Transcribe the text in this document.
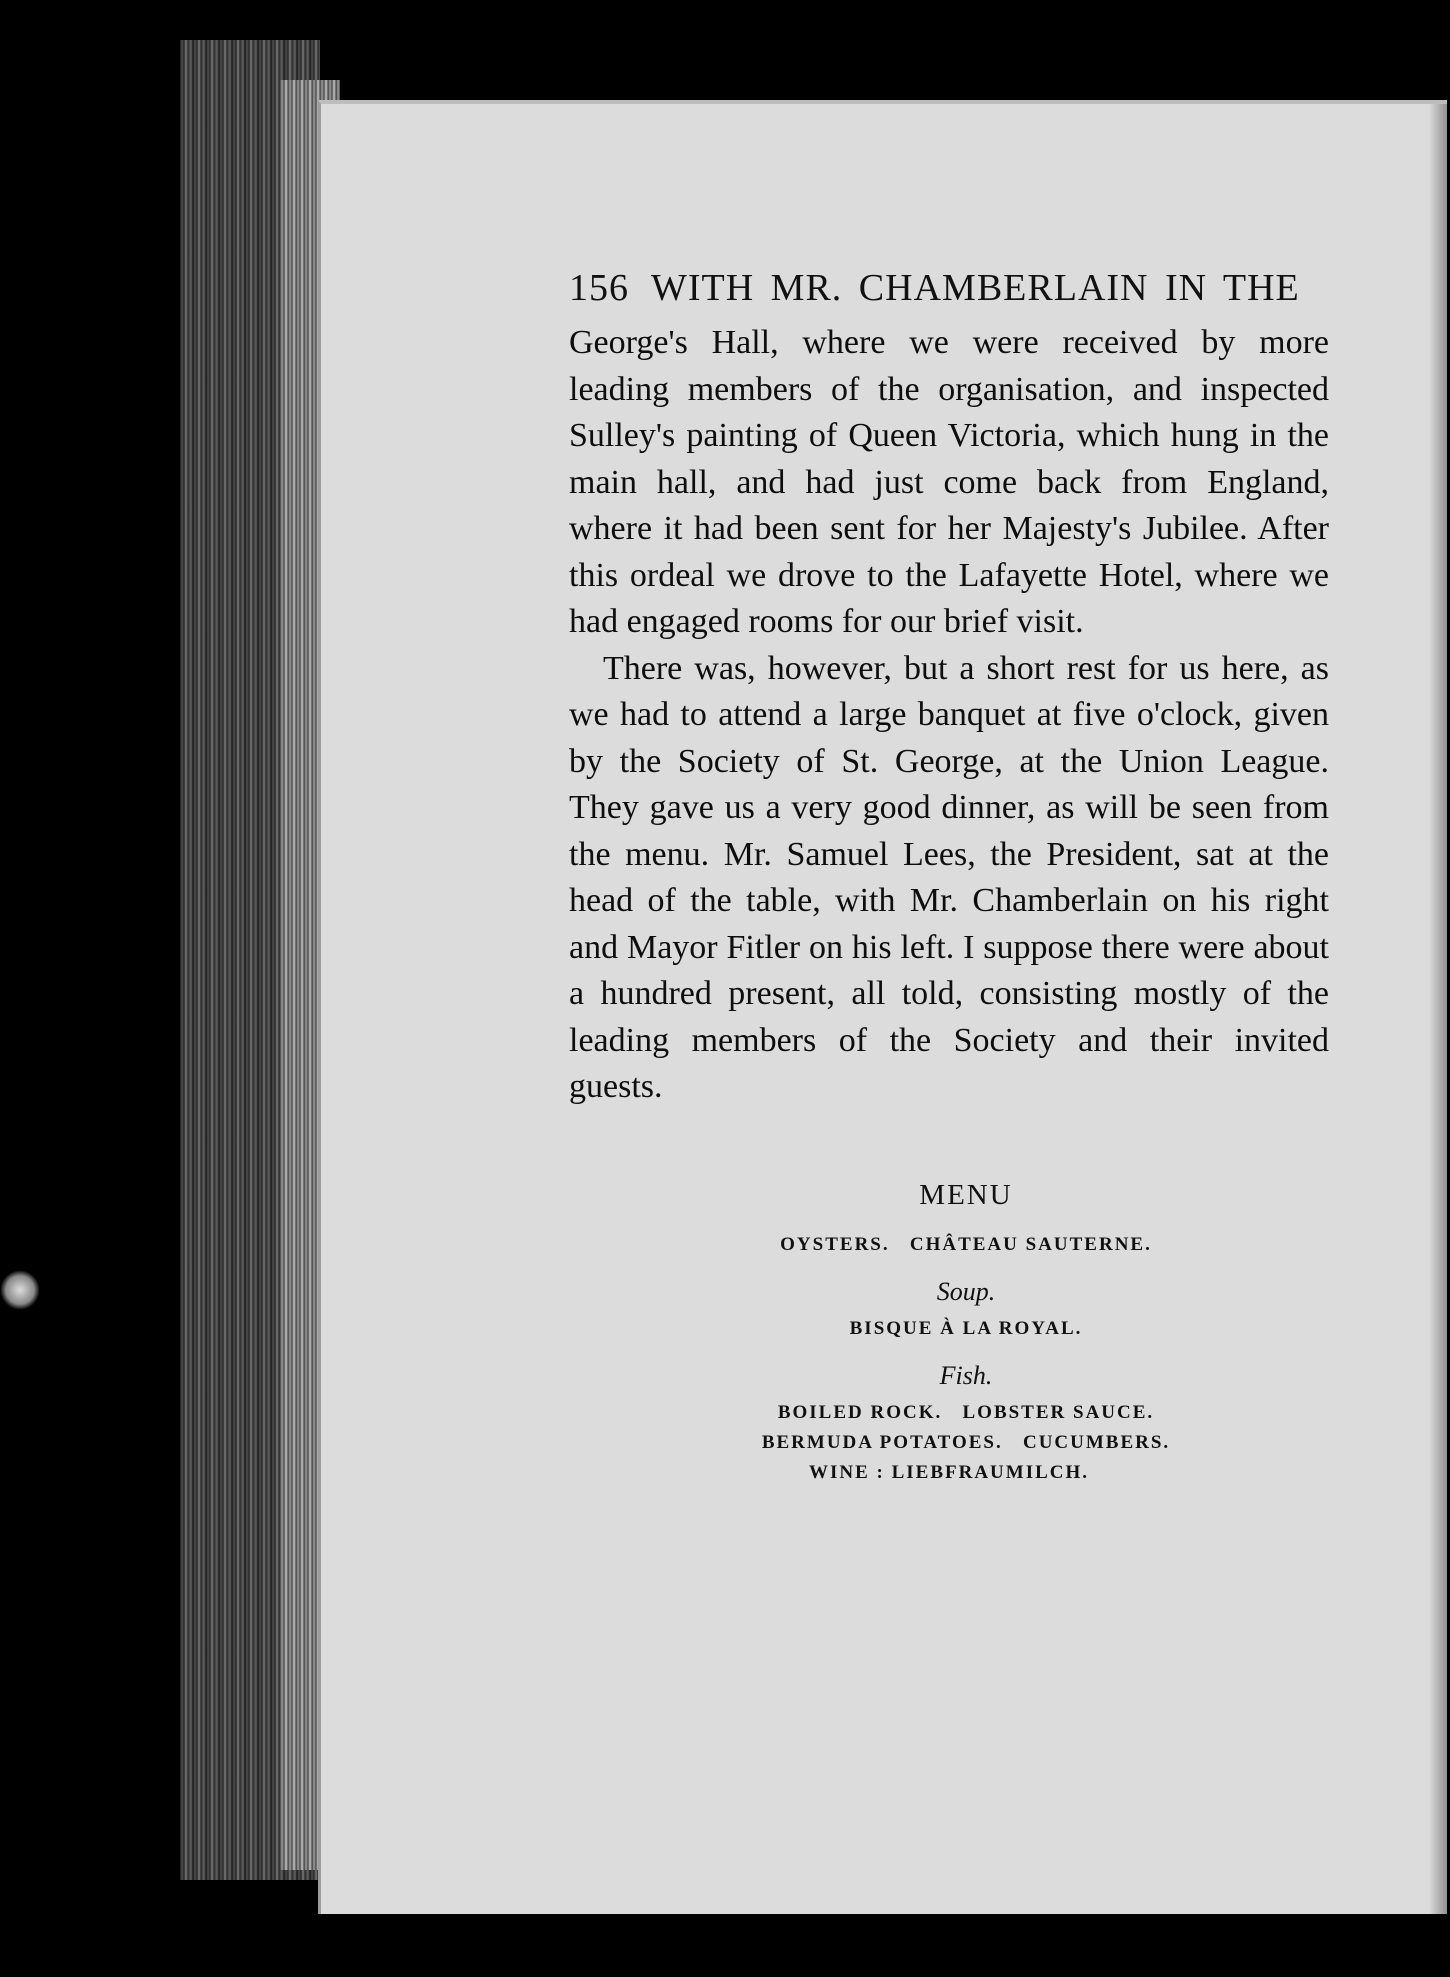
156 WITH MR. CHAMBERLAIN IN THE

George's Hall, where we were received by more leading members of the organisation, and inspected Sulley's painting of Queen Victoria, which hung in the main hall, and had just come back from England, where it had been sent for her Majesty's Jubilee. After this ordeal we drove to the Lafayette Hotel, where we had engaged rooms for our brief visit.

There was, however, but a short rest for us here, as we had to attend a large banquet at five o'clock, given by the Society of St. George, at the Union League. They gave us a very good dinner, as will be seen from the menu. Mr. Samuel Lees, the President, sat at the head of the table, with Mr. Chamberlain on his right and Mayor Fitler on his left. I suppose there were about a hundred present, all told, consisting mostly of the leading members of the Society and their invited guests.

MENU
OYSTERS.   CHÂTEAU SAUTERNE.
Soup.
BISQUE À LA ROYAL.
Fish.
BOILED ROCK.   LOBSTER SAUCE.
BERMUDA POTATOES.   CUCUMBERS.
WINE : LIEBFRAUMILCH.
